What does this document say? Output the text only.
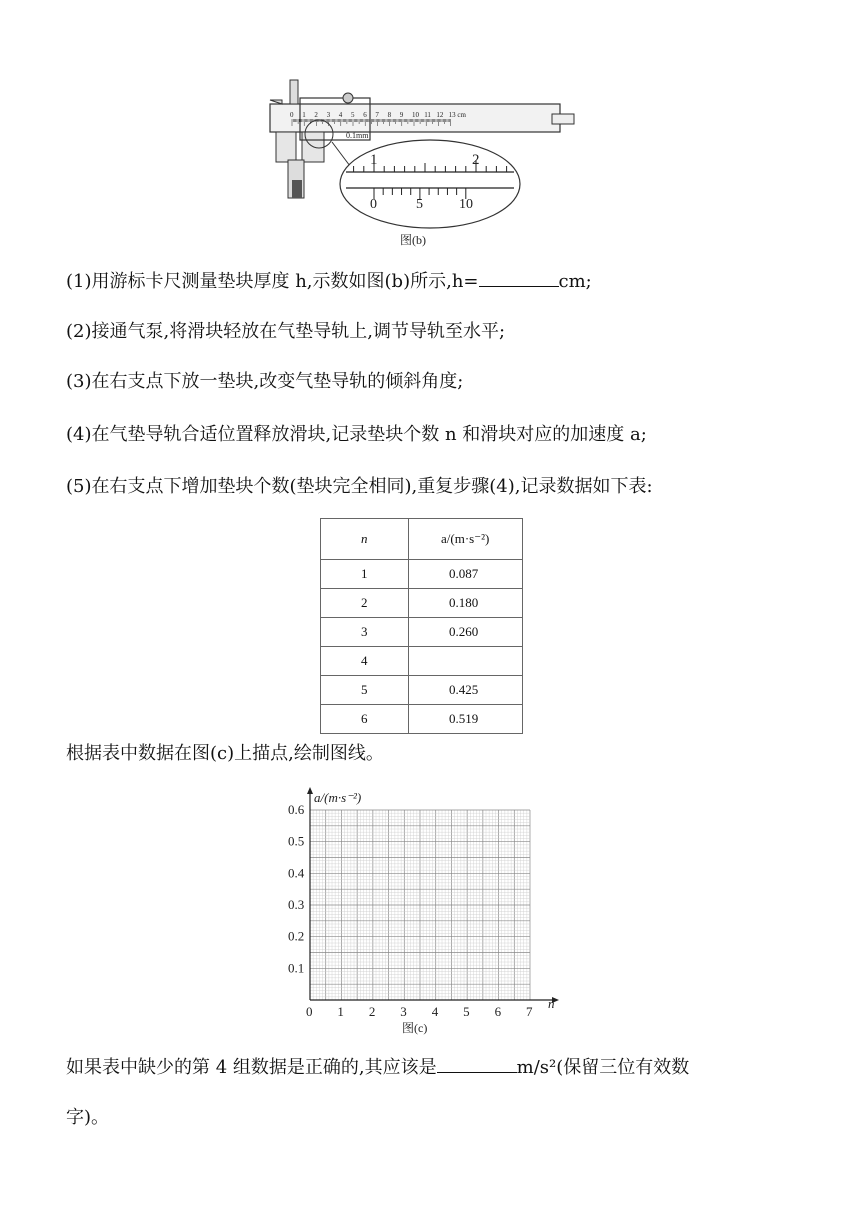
0 1 2 3 4 5 6 7 8 9 10 11 12 13 cm
0.1mm
1	2
0	5	10
图(b)
(1)用游标卡尺测量垫块厚度 h,示数如图(b)所示,h=	cm;
(2)接通气泵,将滑块轻放在气垫导轨上,调节导轨至水平;
(3)在右支点下放一垫块,改变气垫导轨的倾斜角度;
(4)在气垫导轨合适位置释放滑块,记录垫块个数 n 和滑块对应的加速度 a;
(5)在右支点下增加垫块个数(垫块完全相同),重复步骤(4),记录数据如下表:
n	a/(m·s⁻²)
1	0.087
2	0.180
3	0.260
4	
5	0.425
6	0.519
根据表中数据在图(c)上描点,绘制图线。
0 1 2 3 4 5 6 7
0.1
0.2
0.3
0.4
0.5
0.6
a/(m·s⁻²)
n
图(c)
如果表中缺少的第 4 组数据是正确的,其应该是	m/s²(保留三位有效数
字)。
